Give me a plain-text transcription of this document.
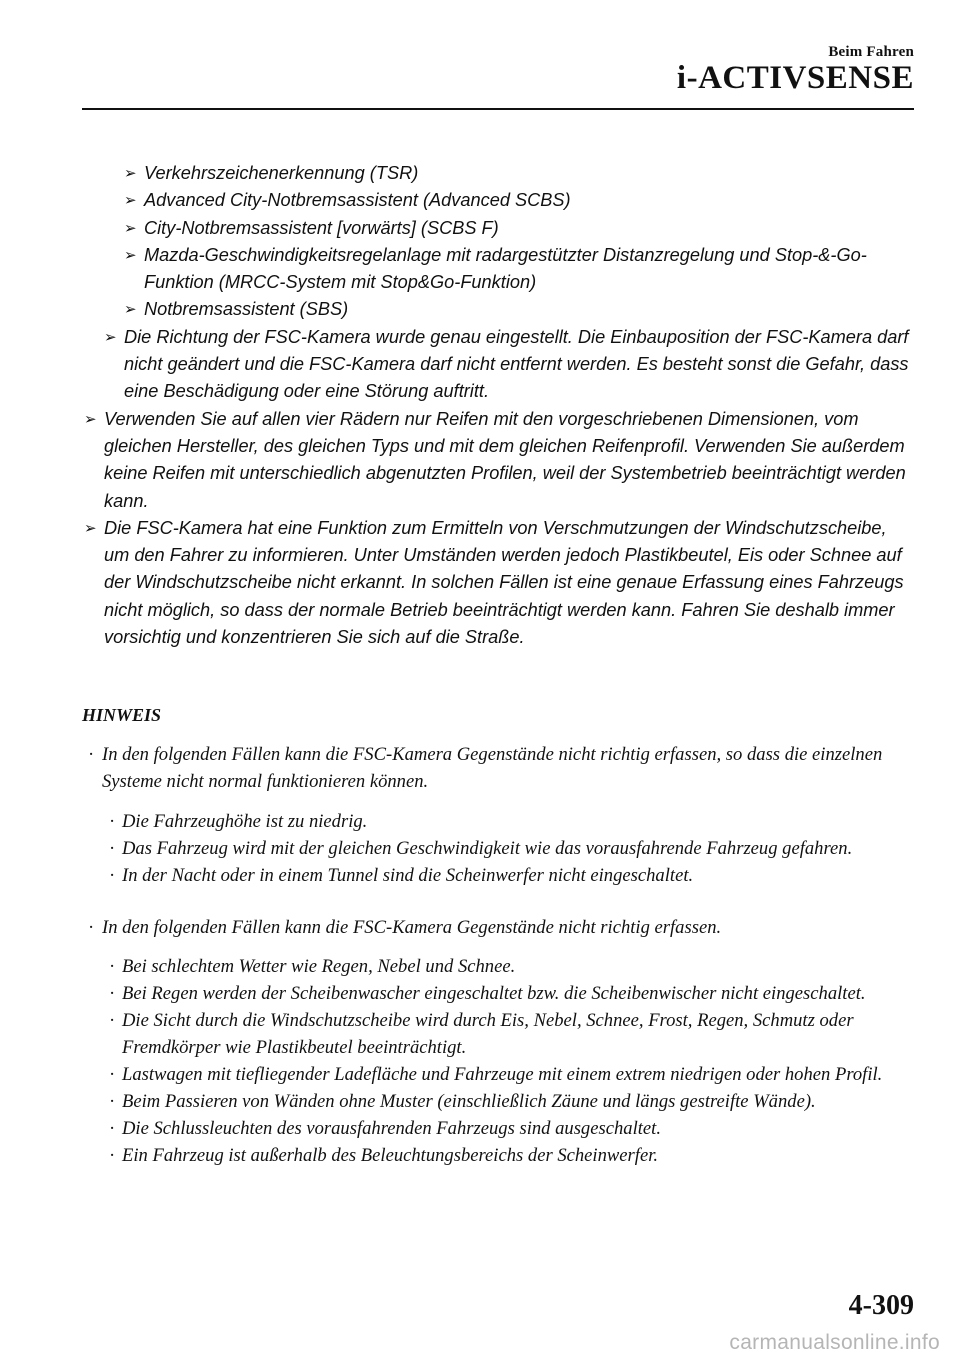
Beim Fahren
i-ACTIVSENSE
➢ Verkehrszeichenerkennung (TSR)
➢ Advanced City-Notbremsassistent (Advanced SCBS)
➢ City-Notbremsassistent [vorwärts] (SCBS F)
➢ Mazda-Geschwindigkeitsregelanlage mit radargestützter Distanzregelung und Stop-&-Go-Funktion (MRCC-System mit Stop&Go-Funktion)
➢ Notbremsassistent (SBS)
➢ Die Richtung der FSC-Kamera wurde genau eingestellt. Die Einbauposition der FSC-Kamera darf nicht geändert und die FSC-Kamera darf nicht entfernt werden. Es besteht sonst die Gefahr, dass eine Beschädigung oder eine Störung auftritt.
➢ Verwenden Sie auf allen vier Rädern nur Reifen mit den vorgeschriebenen Dimensionen, vom gleichen Hersteller, des gleichen Typs und mit dem gleichen Reifenprofil. Verwenden Sie außerdem keine Reifen mit unterschiedlich abgenutzten Profilen, weil der Systembetrieb beeinträchtigt werden kann.
➢ Die FSC-Kamera hat eine Funktion zum Ermitteln von Verschmutzungen der Windschutzscheibe, um den Fahrer zu informieren. Unter Umständen werden jedoch Plastikbeutel, Eis oder Schnee auf der Windschutzscheibe nicht erkannt. In solchen Fällen ist eine genaue Erfassung eines Fahrzeugs nicht möglich, so dass der normale Betrieb beeinträchtigt werden kann. Fahren Sie deshalb immer vorsichtig und konzentrieren Sie sich auf die Straße.
HINWEIS
· In den folgenden Fällen kann die FSC-Kamera Gegenstände nicht richtig erfassen, so dass die einzelnen Systeme nicht normal funktionieren können.
· Die Fahrzeughöhe ist zu niedrig.
· Das Fahrzeug wird mit der gleichen Geschwindigkeit wie das vorausfahrende Fahrzeug gefahren.
· In der Nacht oder in einem Tunnel sind die Scheinwerfer nicht eingeschaltet.
· In den folgenden Fällen kann die FSC-Kamera Gegenstände nicht richtig erfassen.
· Bei schlechtem Wetter wie Regen, Nebel und Schnee.
· Bei Regen werden der Scheibenwascher eingeschaltet bzw. die Scheibenwischer nicht eingeschaltet.
· Die Sicht durch die Windschutzscheibe wird durch Eis, Nebel, Schnee, Frost, Regen, Schmutz oder Fremdkörper wie Plastikbeutel beeinträchtigt.
· Lastwagen mit tiefliegender Ladefläche und Fahrzeuge mit einem extrem niedrigen oder hohen Profil.
· Beim Passieren von Wänden ohne Muster (einschließlich Zäune und längs gestreifte Wände).
· Die Schlussleuchten des vorausfahrenden Fahrzeugs sind ausgeschaltet.
· Ein Fahrzeug ist außerhalb des Beleuchtungsbereichs der Scheinwerfer.
4-309
carmanualsonline.info
